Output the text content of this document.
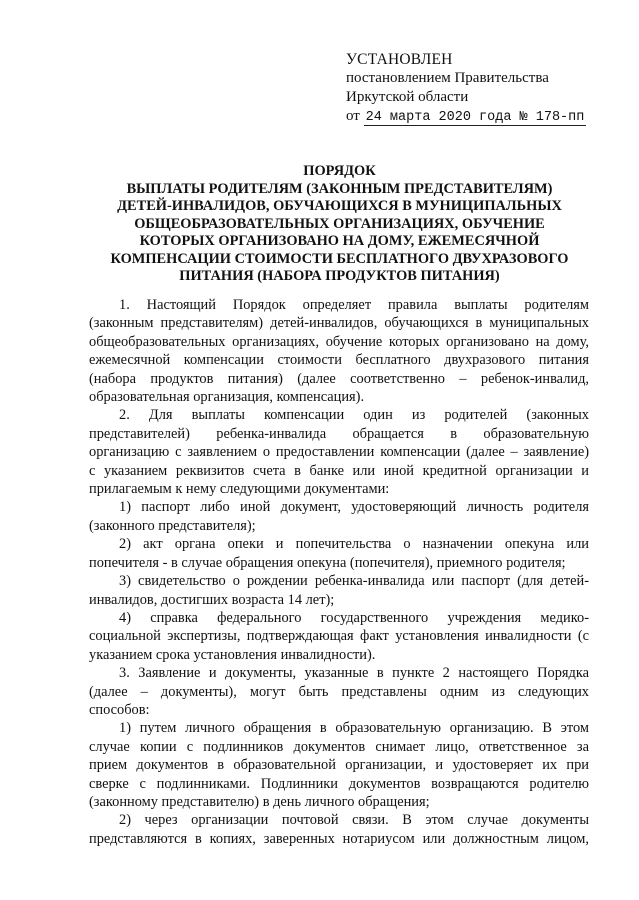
УСТАНОВЛЕН
постановлением Правительства
Иркутской области
от 24 марта 2020 года № 178-пп
ПОРЯДОК
ВЫПЛАТЫ РОДИТЕЛЯМ (ЗАКОННЫМ ПРЕДСТАВИТЕЛЯМ)
ДЕТЕЙ-ИНВАЛИДОВ, ОБУЧАЮЩИХСЯ В МУНИЦИПАЛЬНЫХ
ОБЩЕОБРАЗОВАТЕЛЬНЫХ ОРГАНИЗАЦИЯХ, ОБУЧЕНИЕ
КОТОРЫХ ОРГАНИЗОВАНО НА ДОМУ, ЕЖЕМЕСЯЧНОЙ
КОМПЕНСАЦИИ СТОИМОСТИ БЕСПЛАТНОГО ДВУХРАЗОВОГО
ПИТАНИЯ (НАБОРА ПРОДУКТОВ ПИТАНИЯ)
1. Настоящий Порядок определяет правила выплаты родителям
(законным представителям) детей-инвалидов, обучающихся в муниципальных
общеобразовательных организациях, обучение которых организовано на дому,
ежемесячной компенсации стоимости бесплатного двухразового питания
(набора продуктов питания) (далее соответственно – ребенок-инвалид,
образовательная организация, компенсация).
2. Для выплаты компенсации один из родителей (законных
представителей) ребенка-инвалида обращается в образовательную
организацию с заявлением о предоставлении компенсации (далее – заявление)
с указанием реквизитов счета в банке или иной кредитной организации и
прилагаемым к нему следующими документами:
1) паспорт либо иной документ, удостоверяющий личность родителя
(законного представителя);
2) акт органа опеки и попечительства о назначении опекуна или
попечителя - в случае обращения опекуна (попечителя), приемного родителя;
3) свидетельство о рождении ребенка-инвалида или паспорт (для детей-
инвалидов, достигших возраста 14 лет);
4) справка федерального государственного учреждения медико-
социальной экспертизы, подтверждающая факт установления инвалидности (с
указанием срока установления инвалидности).
3. Заявление и документы, указанные в пункте 2 настоящего Порядка
(далее – документы), могут быть представлены одним из следующих
способов:
1) путем личного обращения в образовательную организацию. В этом
случае копии с подлинников документов снимает лицо, ответственное за
прием документов в образовательной организации, и удостоверяет их при
сверке с подлинниками. Подлинники документов возвращаются родителю
(законному представителю) в день личного обращения;
2) через организации почтовой связи. В этом случае документы
представляются в копиях, заверенных нотариусом или должностным лицом,
